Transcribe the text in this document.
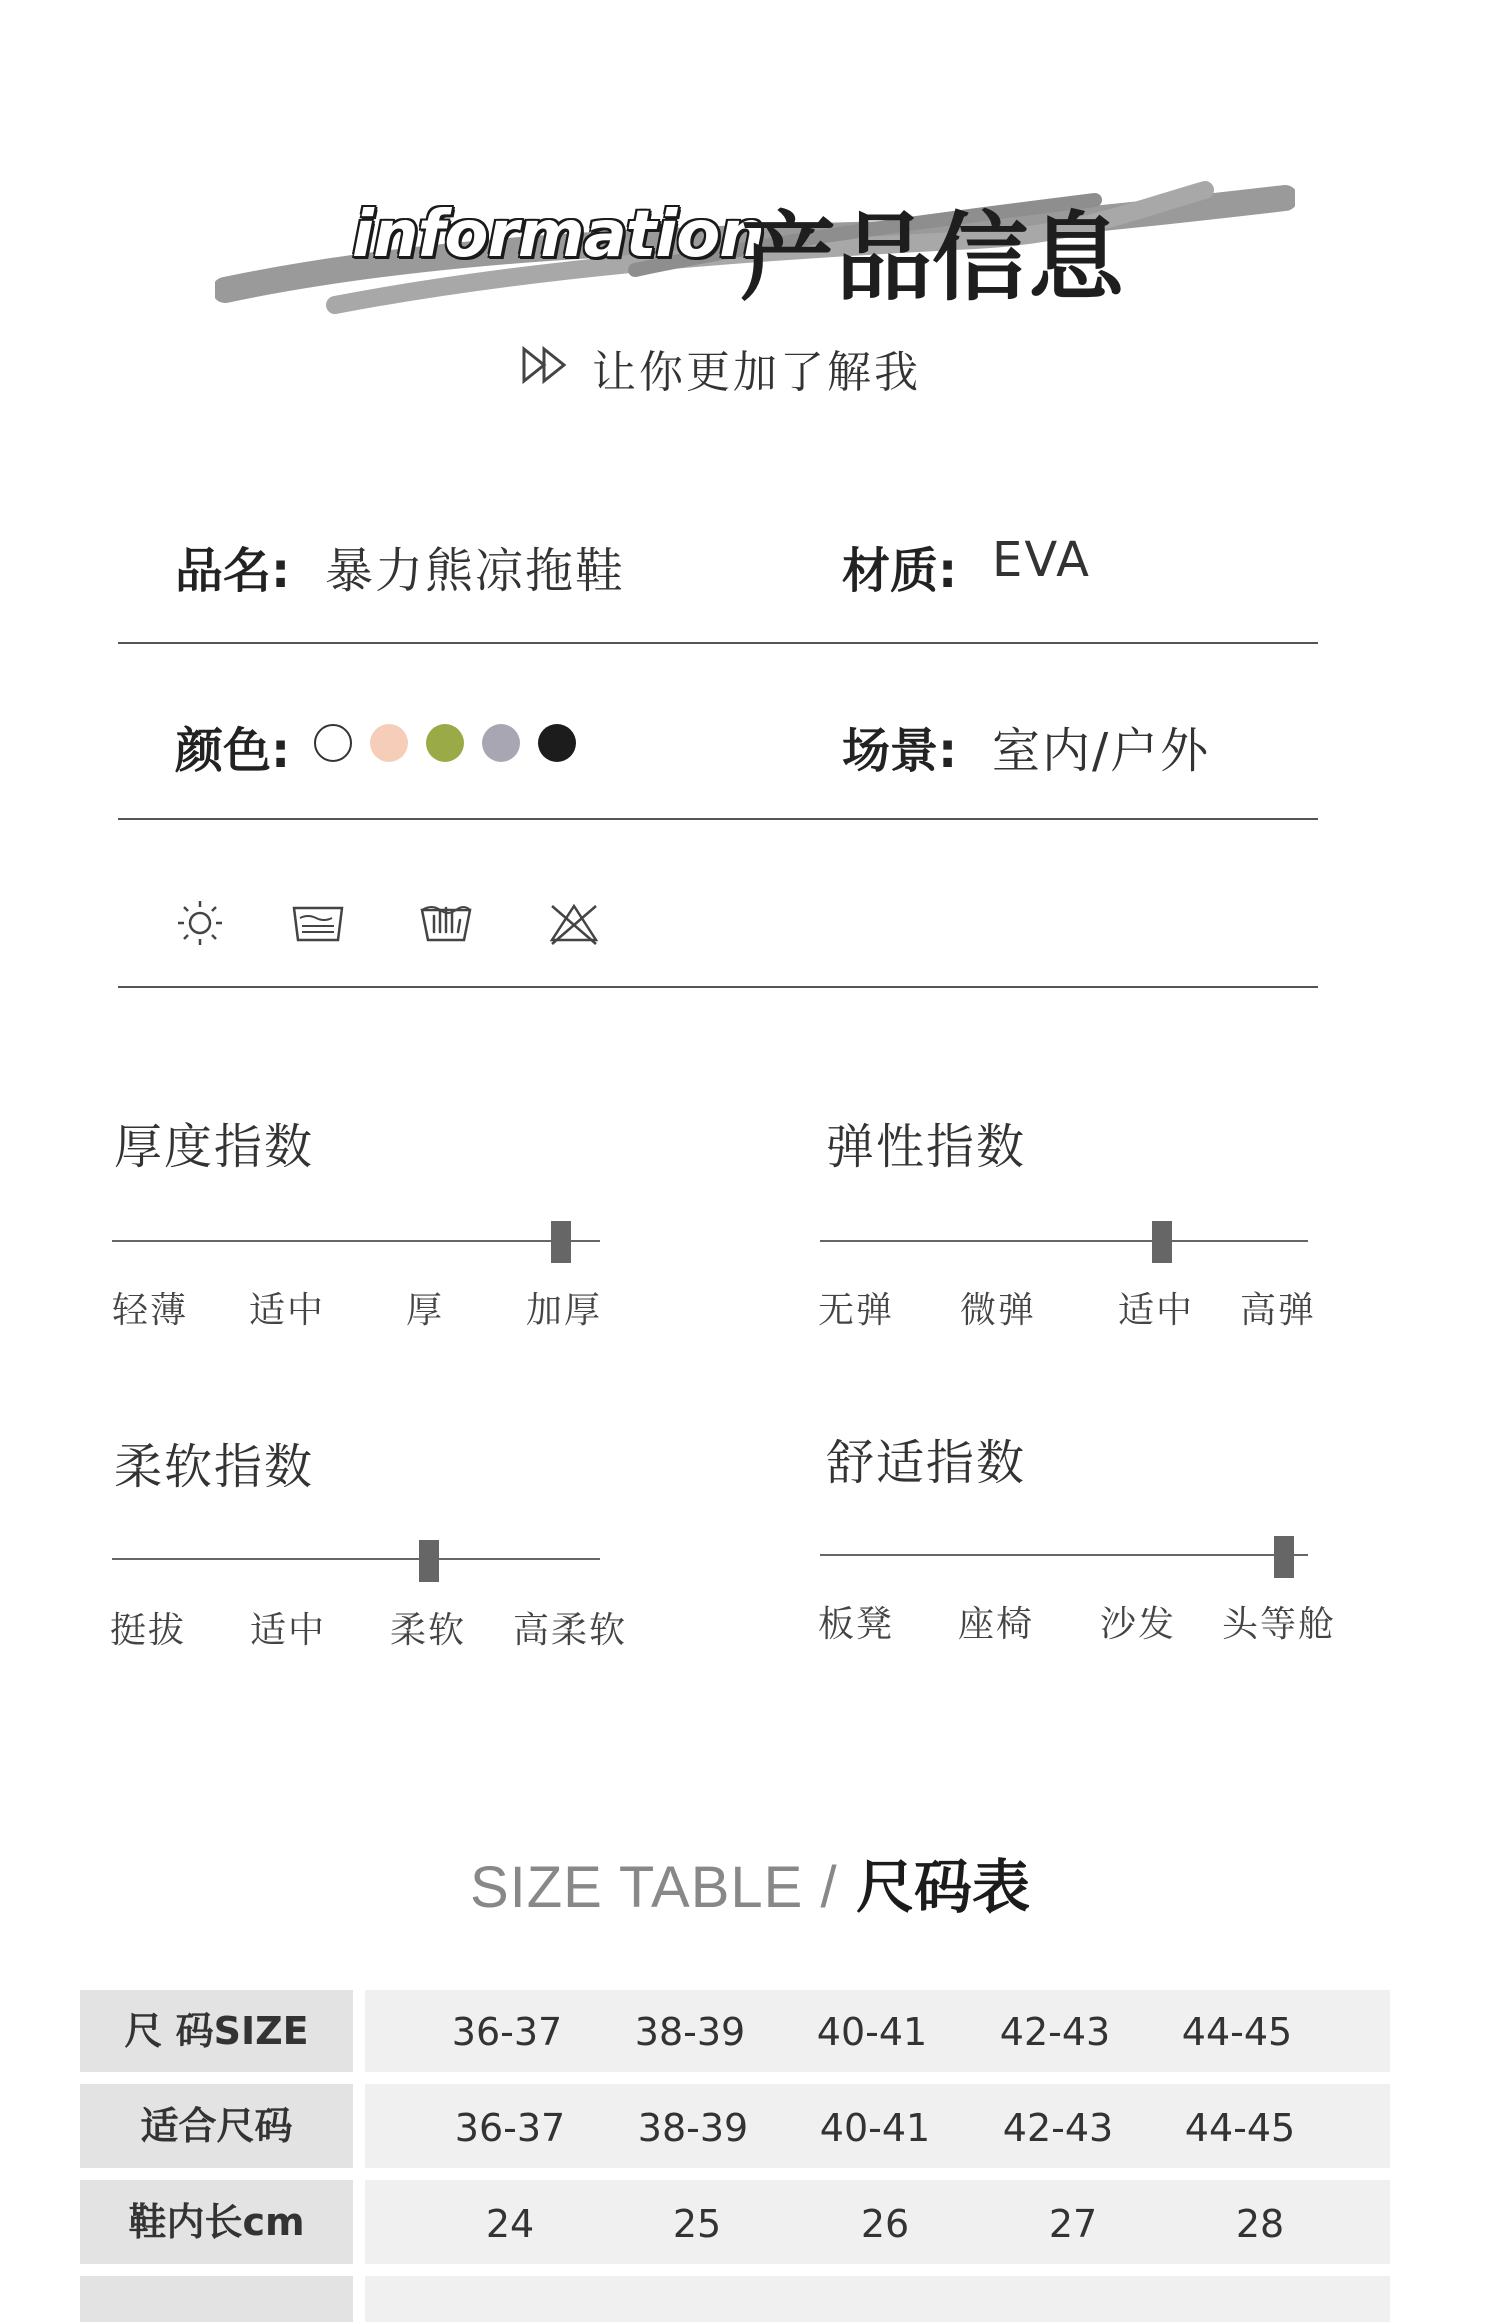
information
产品信息
让你更加了解我
品名: 暴力熊凉拖鞋	材质: EVA
颜色:	场景: 室内/户外
厚度指数
轻薄	适中	厚	加厚
弹性指数
无弹	微弹	适中	高弹
柔软指数
挺拔	适中	柔软	高柔软
舒适指数
板凳	座椅	沙发	头等舱
SIZE TABLE / 尺码表
尺 码SIZE	36-37	38-39	40-41	42-43	44-45
适合尺码	36-37	38-39	40-41	42-43	44-45
鞋内长cm	24	25	26	27	28
